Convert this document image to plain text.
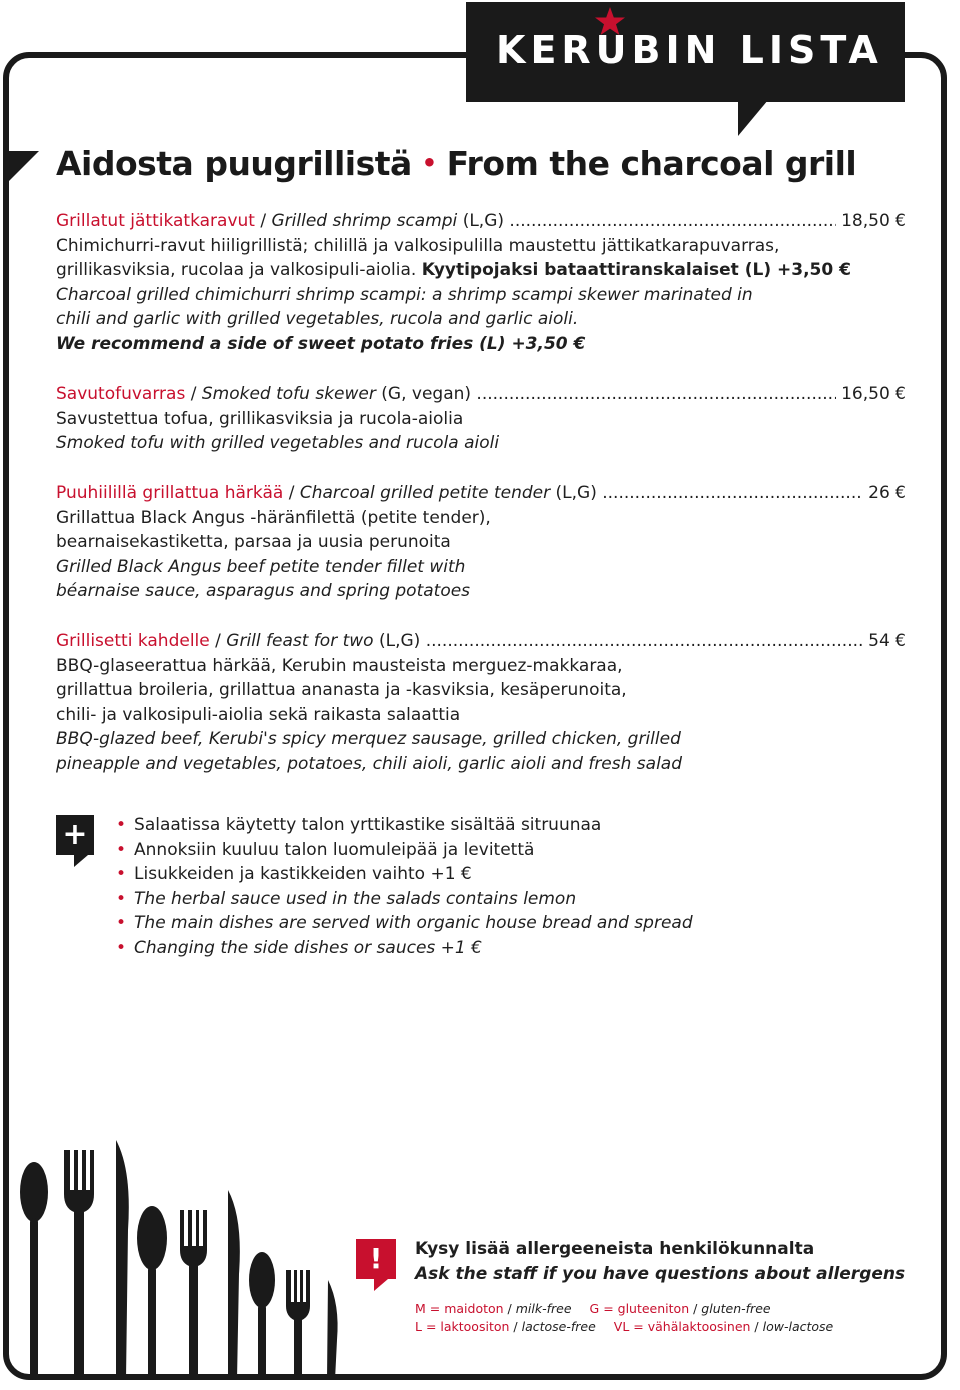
KERUBIN LISTA
Aidosta puugrillistä • From the charcoal grill
Grillatut jättikatkaravut / Grilled shrimp scampi (L,G) .....	18,50 €
Chimichurri-ravut hiiligrillistä; chilillä ja valkosipulilla maustettu jättikatkarapuvarras,
grillikasviksia, rucolaa ja valkosipuli-aiolia. Kyytipojaksi bataattiranskalaiset (L) +3,50 €
Charcoal grilled chimichurri shrimp scampi: a shrimp scampi skewer marinated in
chili and garlic with grilled vegetables, rucola and garlic aioli.
We recommend a side of sweet potato fries (L) +3,50 €
Savutofuvarras / Smoked tofu skewer (G, vegan) .....	16,50 €
Savustettua tofua, grillikasviksia ja rucola-aiolia
Smoked tofu with grilled vegetables and rucola aioli
Puuhiilillä grillattua härkää / Charcoal grilled petite tender (L,G) .....	26 €
Grillattua Black Angus -häränfilettä (petite tender),
bearnaisekastiketta, parsaa ja uusia perunoita
Grilled Black Angus beef petite tender fillet with
béarnaise sauce, asparagus and spring potatoes
Grillisetti kahdelle / Grill feast for two (L,G) .....	54 €
BBQ-glaseerattua härkää, Kerubin mausteista merguez-makkaraa,
grillattua broileria, grillattua ananasta ja -kasviksia, kesäperunoita,
chili- ja valkosipuli-aiolia sekä raikasta salaattia
BBQ-glazed beef, Kerubi's spicy merquez sausage, grilled chicken, grilled
pineapple and vegetables, potatoes, chili aioli, garlic aioli and fresh salad
+	• Salaatissa käytetty talon yrttikastike sisältää sitruunaa
• Annoksiin kuuluu talon luomuleipää ja levitettä
• Lisukkeiden ja kastikkeiden vaihto +1 €
• The herbal sauce used in the salads contains lemon
• The main dishes are served with organic house bread and spread
• Changing the side dishes or sauces +1 €
!	Kysy lisää allergeeneista henkilökunnalta
Ask the staff if you have questions about allergens
M = maidoton / milk-free G = gluteeniton / gluten-free
L = laktoositon / lactose-free VL = vähälaktoosinen / low-lactose
